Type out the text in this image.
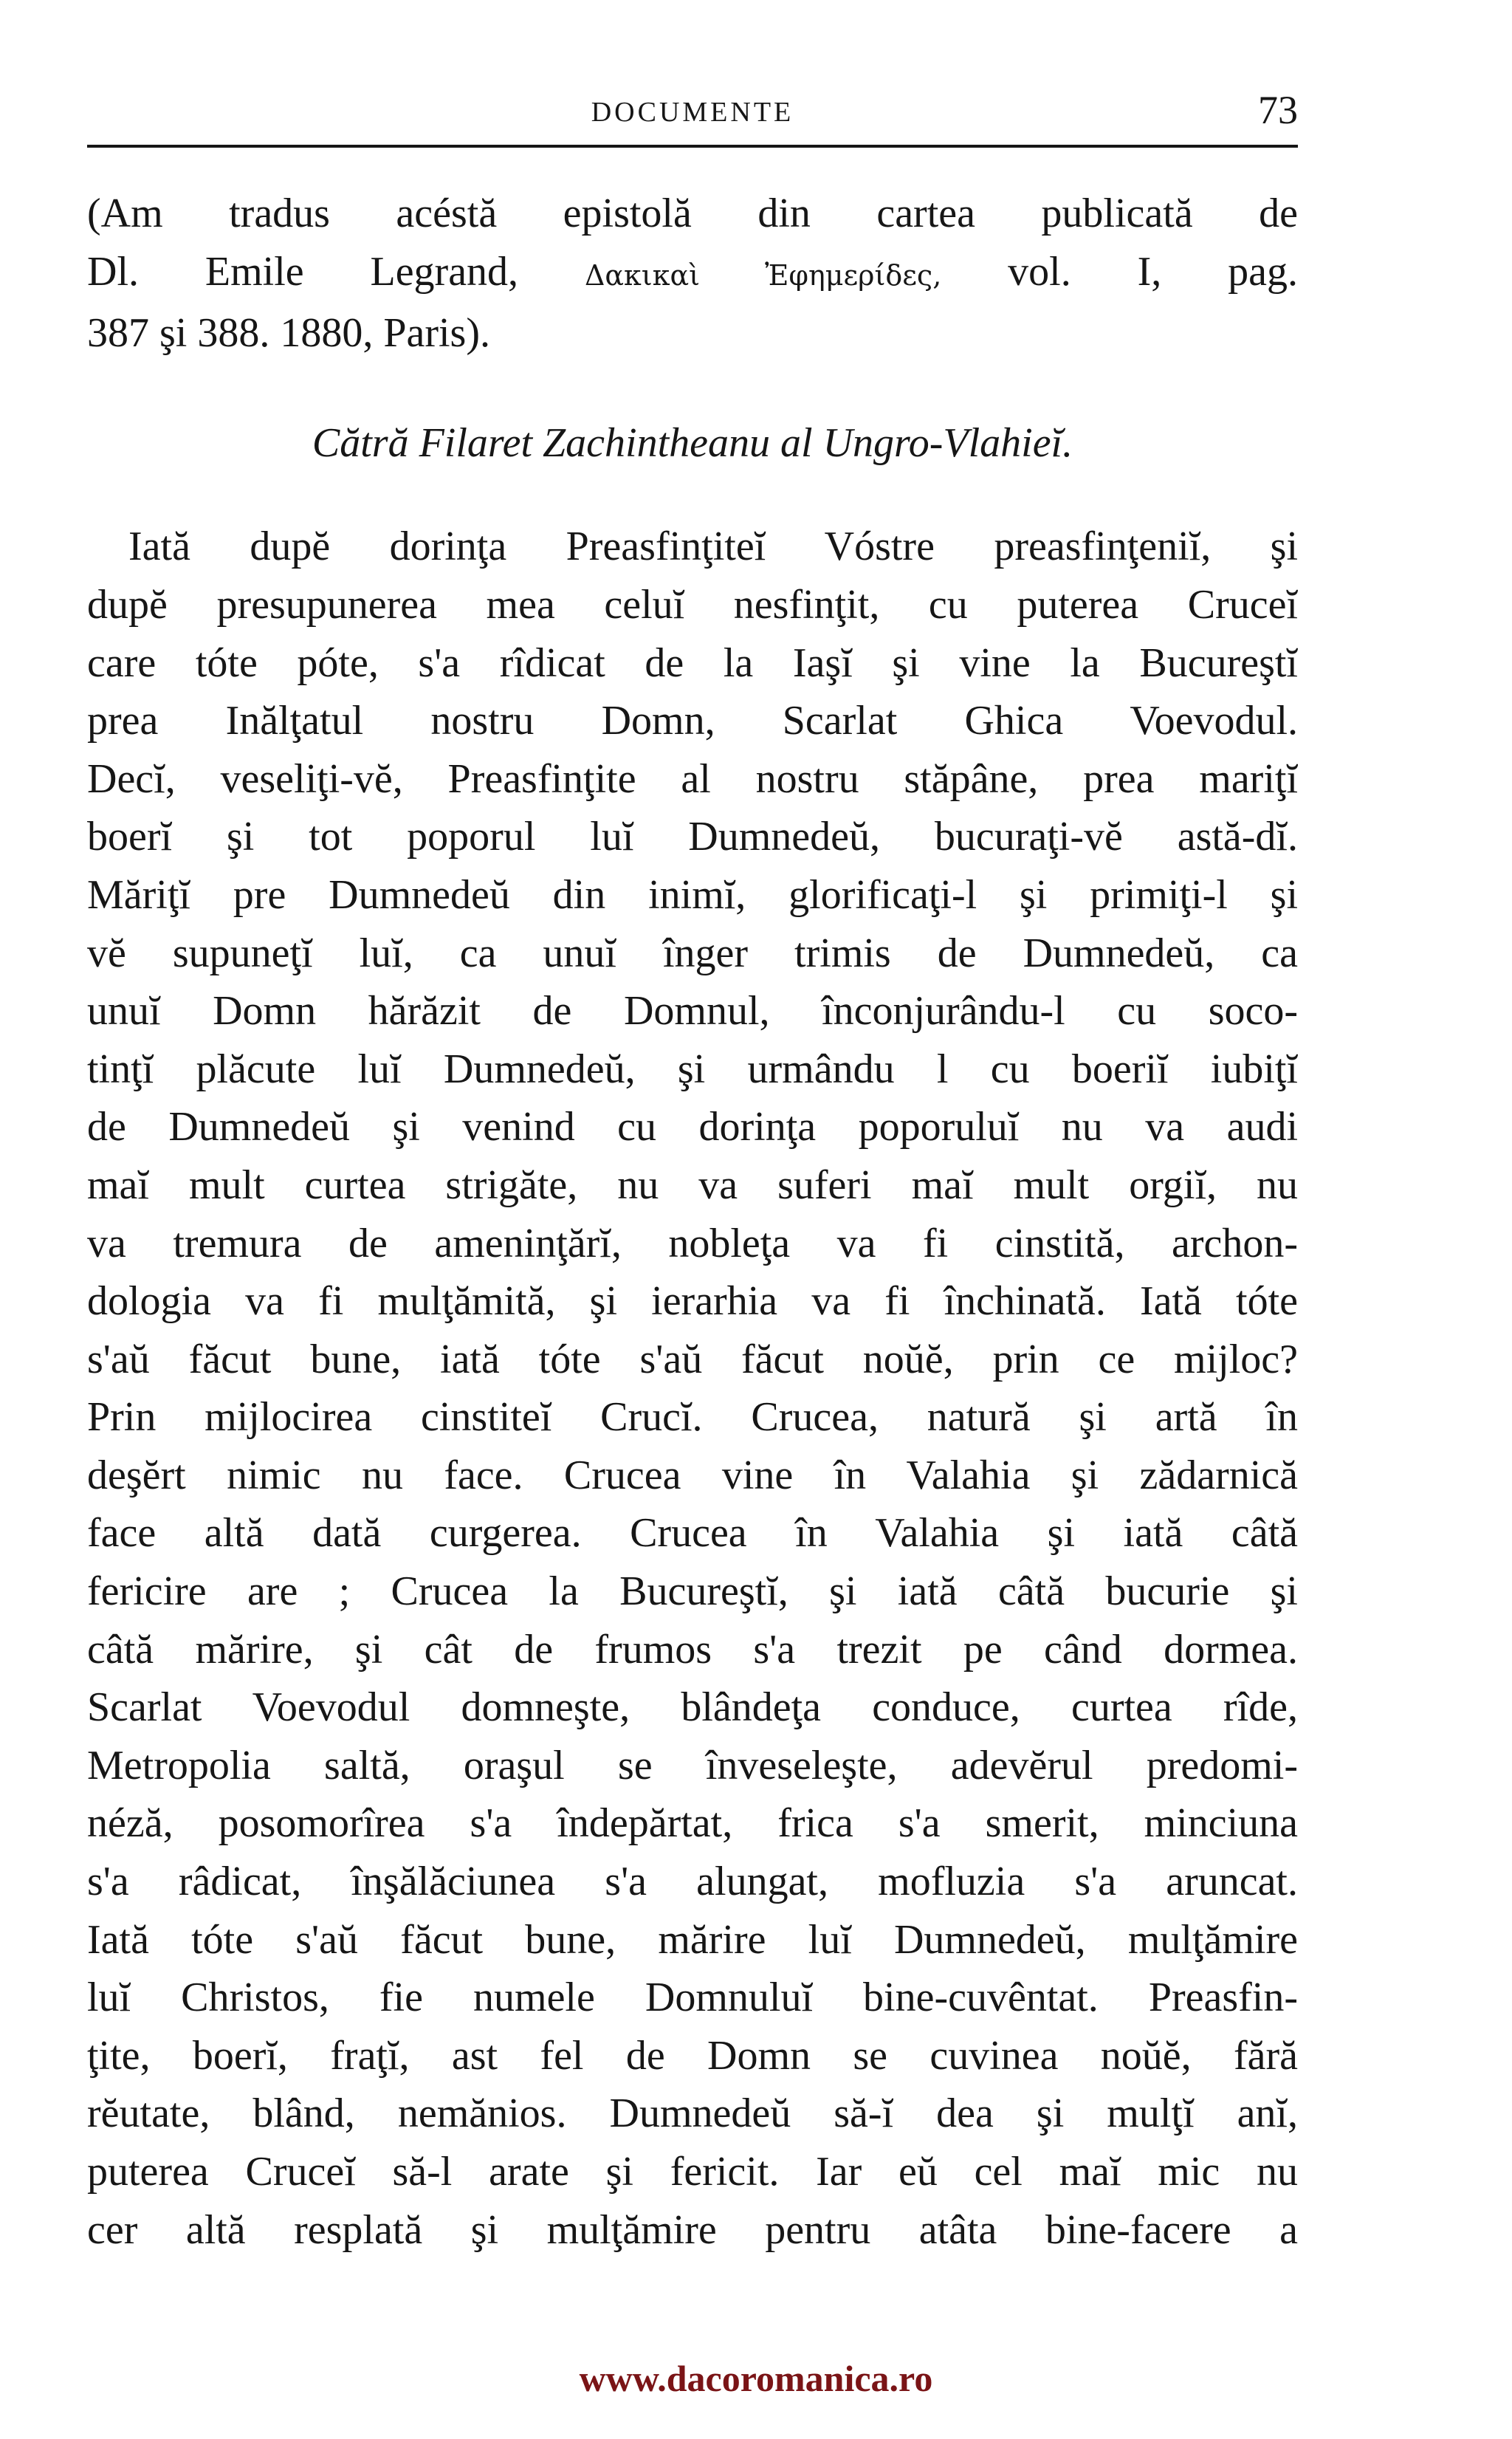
DOCUMENTE	73
(Am tradus acéstă epistolă din cartea publicată de
Dl. Emile Legrand, Δακικαὶ Ἐφημερίδες, vol. I, pag.
387 şi 388. 1880, Paris).
Cătră Filaret Zachintheanu al Ungro-Vlahieĭ.
Iată dupĕ dorinţa Preasfinţiteĭ Vóstre preasfinţeniĭ, şi
dupĕ presupunerea mea celuĭ nesfinţit, cu puterea Cruceĭ
care tóte póte, s'a rîdicat de la Iaşĭ şi vine la Bucureştĭ
prea Inălţatul nostru Domn, Scarlat Ghica Voevodul.
Decĭ, veseliţi-vĕ, Preasfinţite al nostru stăpâne, prea mariţĭ
boerĭ şi tot poporul luĭ Dumnedeŭ, bucuraţi-vĕ astă-dĭ.
Măriţĭ pre Dumnedeŭ din inimĭ, glorificaţi-l şi primiţi-l şi
vĕ supuneţĭ luĭ, ca unuĭ înger trimis de Dumnedeŭ, ca
unuĭ Domn hărăzit de Domnul, înconjurându-l cu soco-
tinţĭ plăcute luĭ Dumnedeŭ, şi urmându l cu boeriĭ iubiţĭ
de Dumnedeŭ şi venind cu dorinţa poporuluĭ nu va audi
maĭ mult curtea strigăte, nu va suferi maĭ mult orgiĭ, nu
va tremura de ameninţărĭ, nobleţa va fi cinstită, archon-
dologia va fi mulţămită, şi ierarhia va fi închinată. Iată tóte
s'aŭ făcut bune, iată tóte s'aŭ făcut noŭĕ, prin ce mijloc?
Prin mijlocirea cinstiteĭ Crucĭ. Crucea, natură şi artă în
deşĕrt nimic nu face. Crucea vine în Valahia şi zădarnică
face altă dată curgerea. Crucea în Valahia şi iată câtă
fericire are ; Crucea la Bucureştĭ, şi iată câtă bucurie şi
câtă mărire, şi cât de frumos s'a trezit pe când dormea.
Scarlat Voevodul domneşte, blândeţa conduce, curtea rîde,
Metropolia saltă, oraşul se înveseleşte, adevĕrul predomi-
néză, posomorîrea s'a îndepărtat, frica s'a smerit, minciuna
s'a râdicat, înşălăciunea s'a alungat, mofluzia s'a aruncat.
Iată tóte s'aŭ făcut bune, mărire luĭ Dumnedeŭ, mulţămire
luĭ Christos, fie numele Domnuluĭ bine-cuvêntat. Preasfin-
ţite, boerĭ, fraţĭ, ast fel de Domn se cuvinea noŭĕ, fără
rĕutate, blând, nemănios. Dumnedeŭ să-ĭ dea şi mulţĭ anĭ,
puterea Cruceĭ să-l arate şi fericit. Iar eŭ cel maĭ mic nu
cer altă resplată şi mulţămire pentru atâta bine-facere a
www.dacoromanica.ro
